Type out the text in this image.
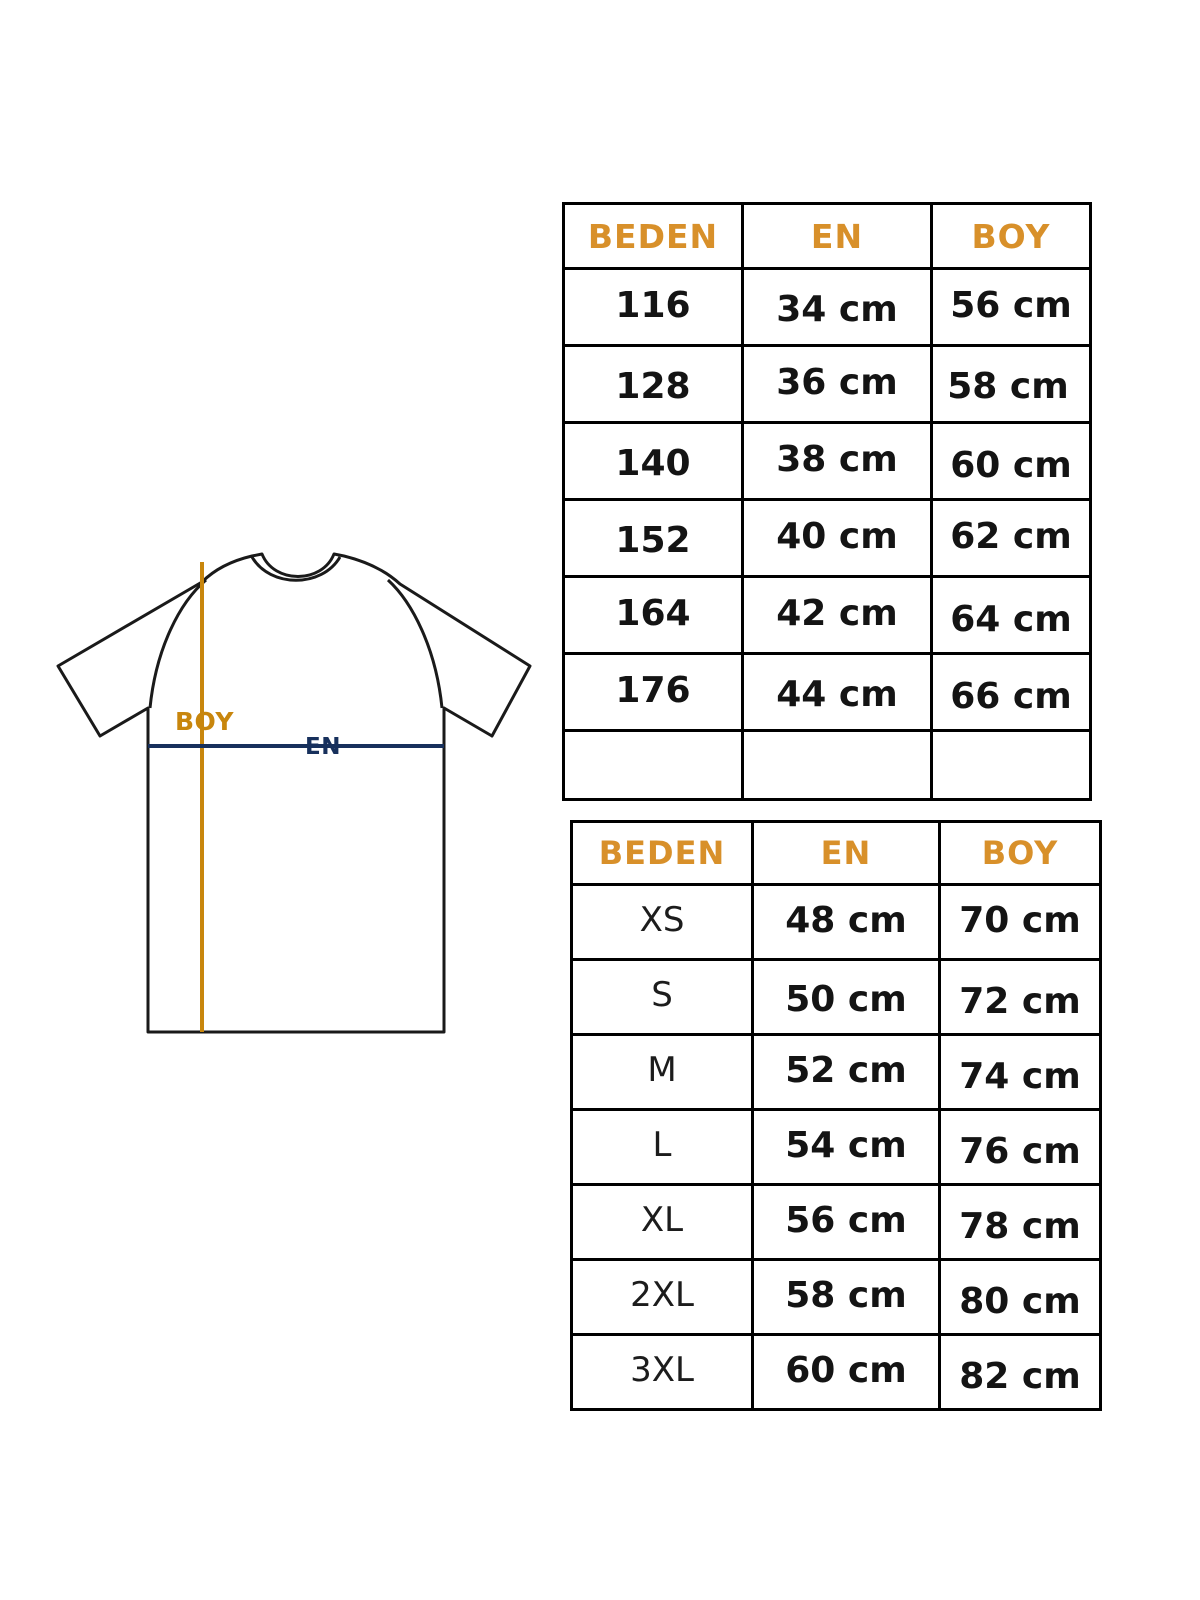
BOY
EN
BEDEN	EN	BOY
116	34 cm	56 cm
128	36 cm	58 cm
140	38 cm	60 cm
152	40 cm	62 cm
164	42 cm	64 cm
176	44 cm	66 cm

BEDEN	EN	BOY
XS	48 cm	70 cm
S	50 cm	72 cm
M	52 cm	74 cm
L	54 cm	76 cm
XL	56 cm	78 cm
2XL	58 cm	80 cm
3XL	60 cm	82 cm
